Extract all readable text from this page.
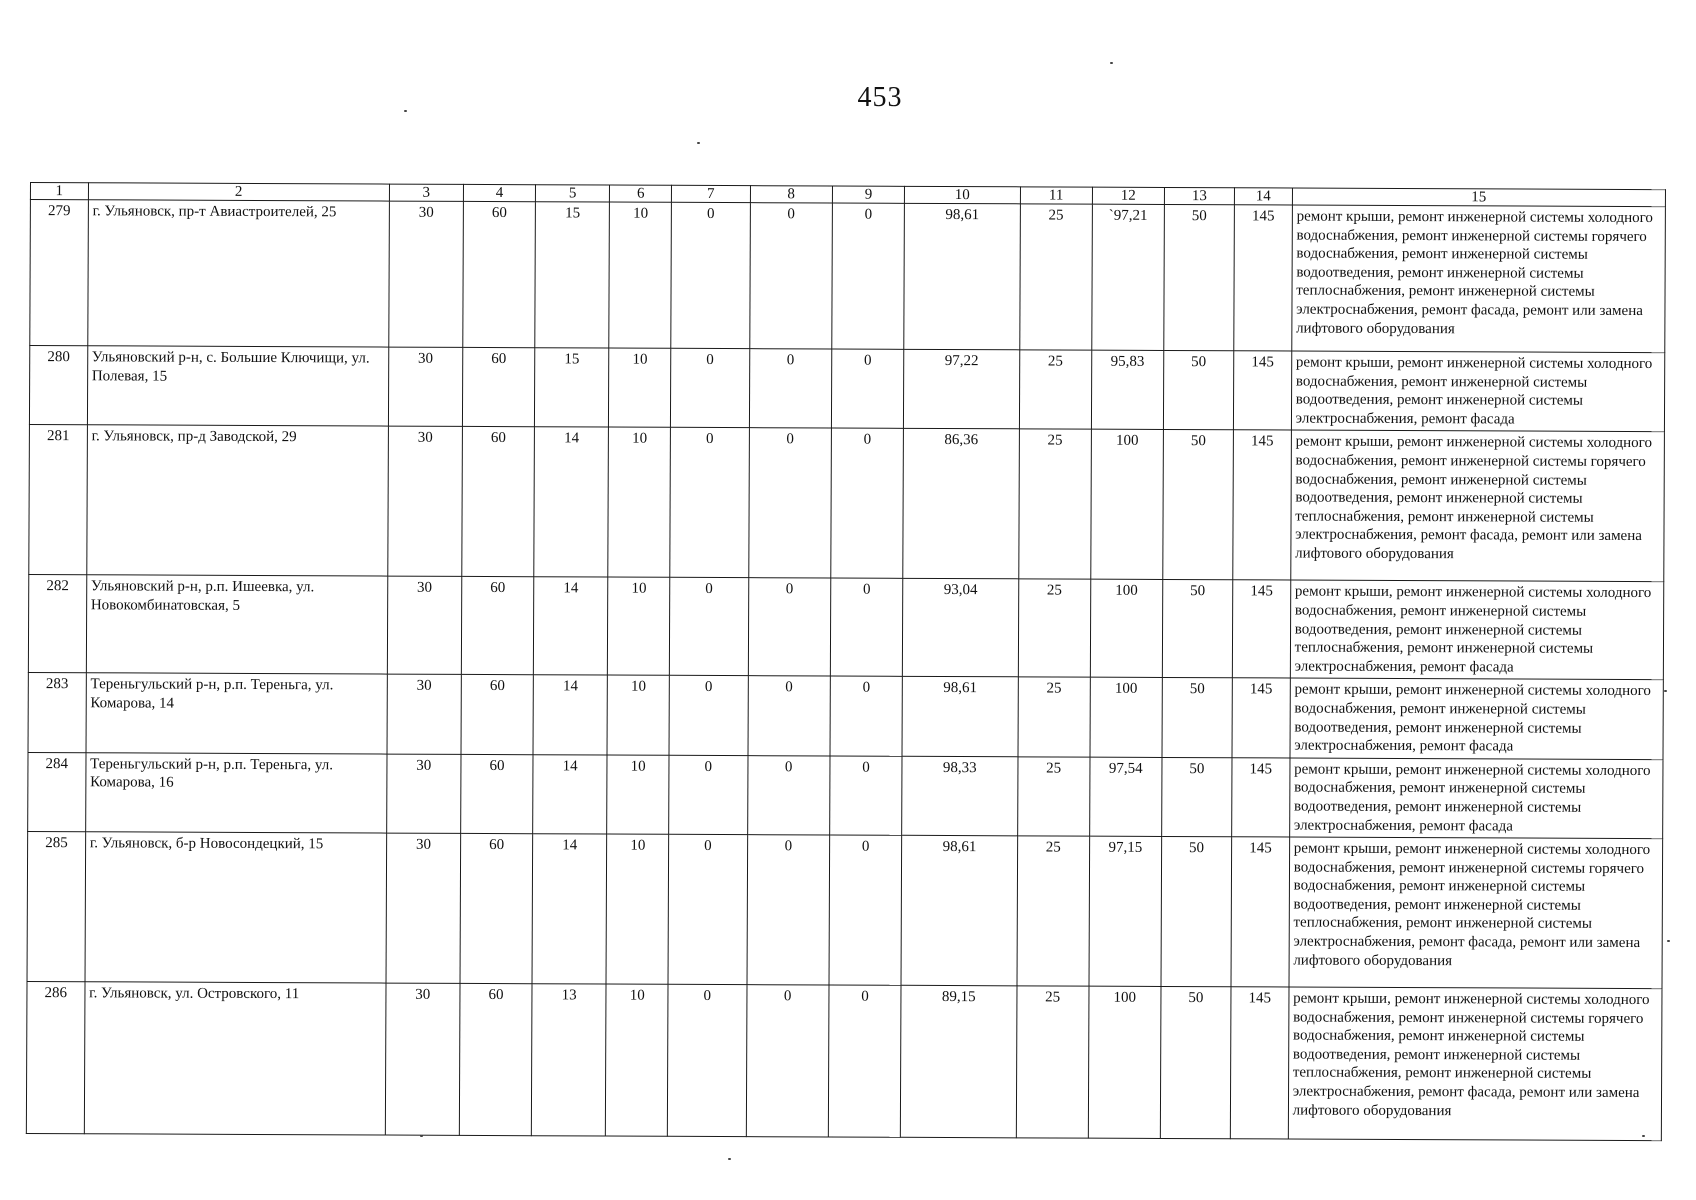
453
1	2	3	4	5	6	7	8	9	10	11	12	13	14	15
279	г. Ульяновск, пр-т Авиастроителей, 25	30	60	15	10	0	0	0	98,61	25	`97,21	50	145	ремонт крыши, ремонт инженерной системы холодного водоснабжения, ремонт инженерной системы горячего водоснабжения, ремонт инженерной системы водоотведения, ремонт инженерной системы теплоснабжения, ремонт инженерной системы электроснабжения, ремонт фасада, ремонт или замена лифтового оборудования
280	Ульяновский р-н, с. Большие Ключищи, ул. Полевая, 15	30	60	15	10	0	0	0	97,22	25	95,83	50	145	ремонт крыши, ремонт инженерной системы холодного водоснабжения, ремонт инженерной системы водоотведения, ремонт инженерной системы электроснабжения, ремонт фасада
281	г. Ульяновск, пр-д Заводской, 29	30	60	14	10	0	0	0	86,36	25	100	50	145	ремонт крыши, ремонт инженерной системы холодного водоснабжения, ремонт инженерной системы горячего водоснабжения, ремонт инженерной системы водоотведения, ремонт инженерной системы теплоснабжения, ремонт инженерной системы электроснабжения, ремонт фасада, ремонт или замена лифтового оборудования
282	Ульяновский р-н, р.п. Ишеевка, ул. Новокомбинатовская, 5	30	60	14	10	0	0	0	93,04	25	100	50	145	ремонт крыши, ремонт инженерной системы холодного водоснабжения, ремонт инженерной системы водоотведения, ремонт инженерной системы теплоснабжения, ремонт инженерной системы электроснабжения, ремонт фасада
283	Тереньгульский р-н, р.п. Тереньга, ул. Комарова, 14	30	60	14	10	0	0	0	98,61	25	100	50	145	ремонт крыши, ремонт инженерной системы холодного водоснабжения, ремонт инженерной системы водоотведения, ремонт инженерной системы электроснабжения, ремонт фасада
284	Тереньгульский р-н, р.п. Тереньга, ул. Комарова, 16	30	60	14	10	0	0	0	98,33	25	97,54	50	145	ремонт крыши, ремонт инженерной системы холодного водоснабжения, ремонт инженерной системы водоотведения, ремонт инженерной системы электроснабжения, ремонт фасада
285	г. Ульяновск, б-р Новосондецкий, 15	30	60	14	10	0	0	0	98,61	25	97,15	50	145	ремонт крыши, ремонт инженерной системы холодного водоснабжения, ремонт инженерной системы горячего водоснабжения, ремонт инженерной системы водоотведения, ремонт инженерной системы теплоснабжения, ремонт инженерной системы электроснабжения, ремонт фасада, ремонт или замена лифтового оборудования
286	г. Ульяновск, ул. Островского, 11	30	60	13	10	0	0	0	89,15	25	100	50	145	ремонт крыши, ремонт инженерной системы холодного водоснабжения, ремонт инженерной системы горячего водоснабжения, ремонт инженерной системы водоотведения, ремонт инженерной системы теплоснабжения, ремонт инженерной системы электроснабжения, ремонт фасада, ремонт или замена лифтового оборудования
